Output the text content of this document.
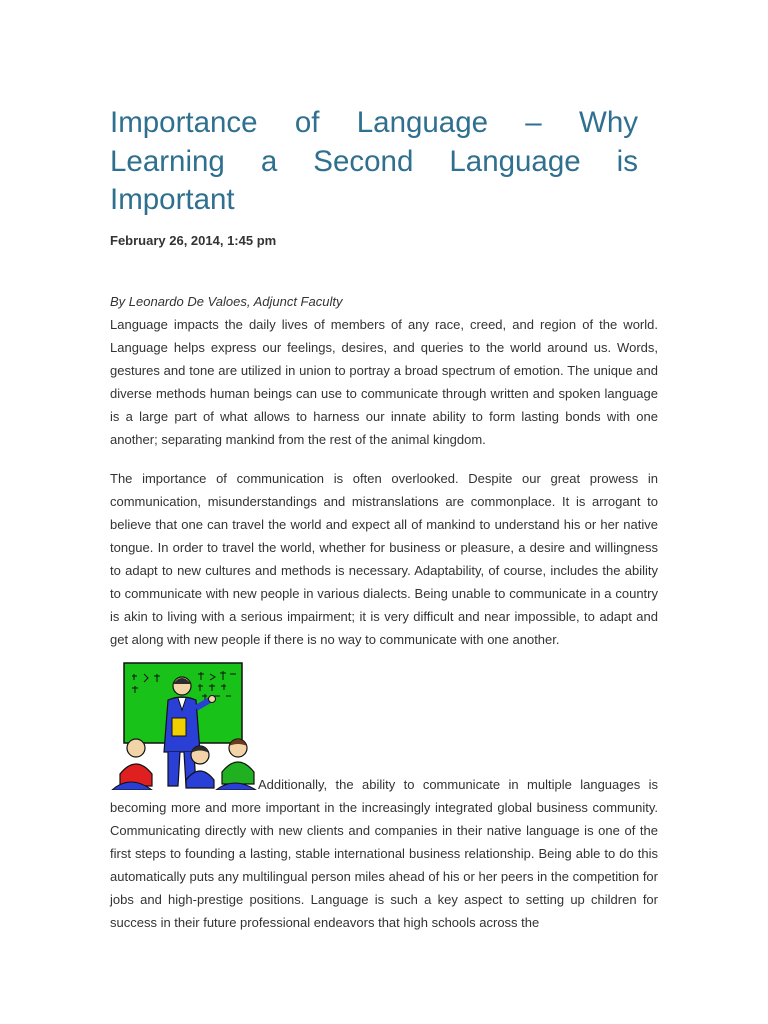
Importance of Language – Why Learning a Second Language is Important

February 26, 2014, 1:45 pm

By Leonardo De Valoes, Adjunct Faculty

Language impacts the daily lives of members of any race, creed, and region of the world. Language helps express our feelings, desires, and queries to the world around us. Words, gestures and tone are utilized in union to portray a broad spectrum of emotion. The unique and diverse methods human beings can use to communicate through written and spoken language is a large part of what allows to harness our innate ability to form lasting bonds with one another; separating mankind from the rest of the animal kingdom.

The importance of communication is often overlooked. Despite our great prowess in communication, misunderstandings and mistranslations are commonplace. It is arrogant to believe that one can travel the world and expect all of mankind to understand his or her native tongue. In order to travel the world, whether for business or pleasure, a desire and willingness to adapt to new cultures and methods is necessary. Adaptability, of course, includes the ability to communicate with new people in various dialects. Being unable to communicate in a country is akin to living with a serious impairment; it is very difficult and near impossible, to adapt and get along with new people if there is no way to communicate with one another.

Additionally, the ability to communicate in multiple languages is becoming more and more important in the increasingly integrated global business community. Communicating directly with new clients and companies in their native language is one of the first steps to founding a lasting, stable international business relationship. Being able to do this automatically puts any multilingual person miles ahead of his or her peers in the competition for jobs and high-prestige positions. Language is such a key aspect to setting up children for success in their future professional endeavors that high schools across the
